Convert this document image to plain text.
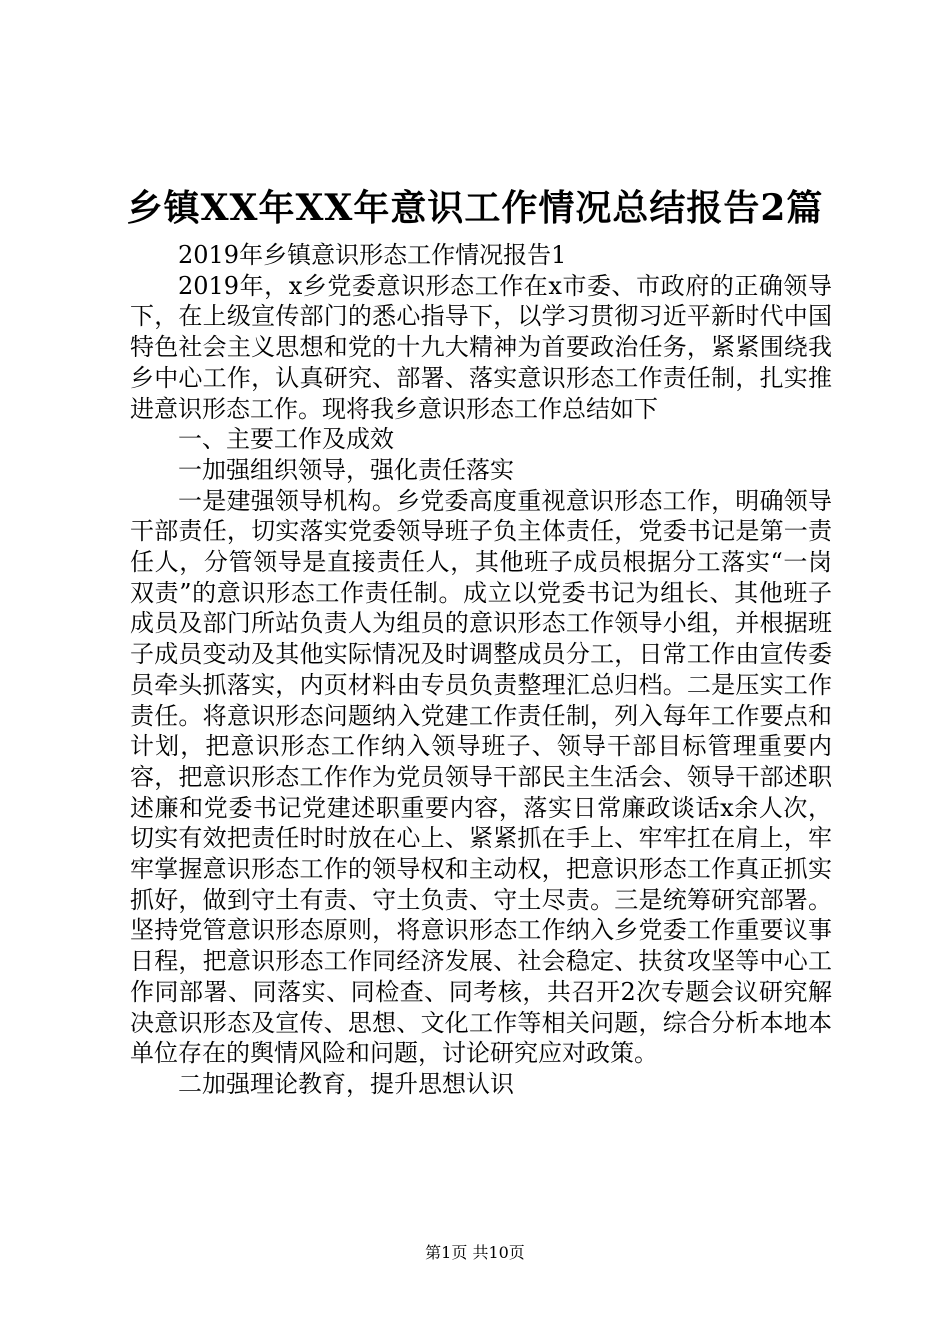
乡镇XX年XX年意识工作情况总结报告2篇

2019年乡镇意识形态工作情况报告1

2019年，x乡党委意识形态工作在x市委、市政府的正确领导下，在上级宣传部门的悉心指导下，以学习贯彻习近平新时代中国特色社会主义思想和党的十九大精神为首要政治任务，紧紧围绕我乡中心工作，认真研究、部署、落实意识形态工作责任制，扎实推进意识形态工作。现将我乡意识形态工作总结如下

一、主要工作及成效

一加强组织领导，强化责任落实

一是建强领导机构。乡党委高度重视意识形态工作，明确领导干部责任，切实落实党委领导班子负主体责任，党委书记是第一责任人，分管领导是直接责任人，其他班子成员根据分工落实“一岗双责”的意识形态工作责任制。成立以党委书记为组长、其他班子成员及部门所站负责人为组员的意识形态工作领导小组，并根据班子成员变动及其他实际情况及时调整成员分工，日常工作由宣传委员牵头抓落实，内页材料由专员负责整理汇总归档。二是压实工作责任。将意识形态问题纳入党建工作责任制，列入每年工作要点和计划，把意识形态工作纳入领导班子、领导干部目标管理重要内容，把意识形态工作作为党员领导干部民主生活会、领导干部述职述廉和党委书记党建述职重要内容，落实日常廉政谈话x余人次，切实有效把责任时时放在心上、紧紧抓在手上、牢牢扛在肩上，牢牢掌握意识形态工作的领导权和主动权，把意识形态工作真正抓实抓好，做到守土有责、守土负责、守土尽责。三是统筹研究部署。坚持党管意识形态原则，将意识形态工作纳入乡党委工作重要议事日程，把意识形态工作同经济发展、社会稳定、扶贫攻坚等中心工作同部署、同落实、同检查、同考核，共召开2次专题会议研究解决意识形态及宣传、思想、文化工作等相关问题，综合分析本地本单位存在的舆情风险和问题，讨论研究应对政策。

二加强理论教育，提升思想认识

第1页 共10页
